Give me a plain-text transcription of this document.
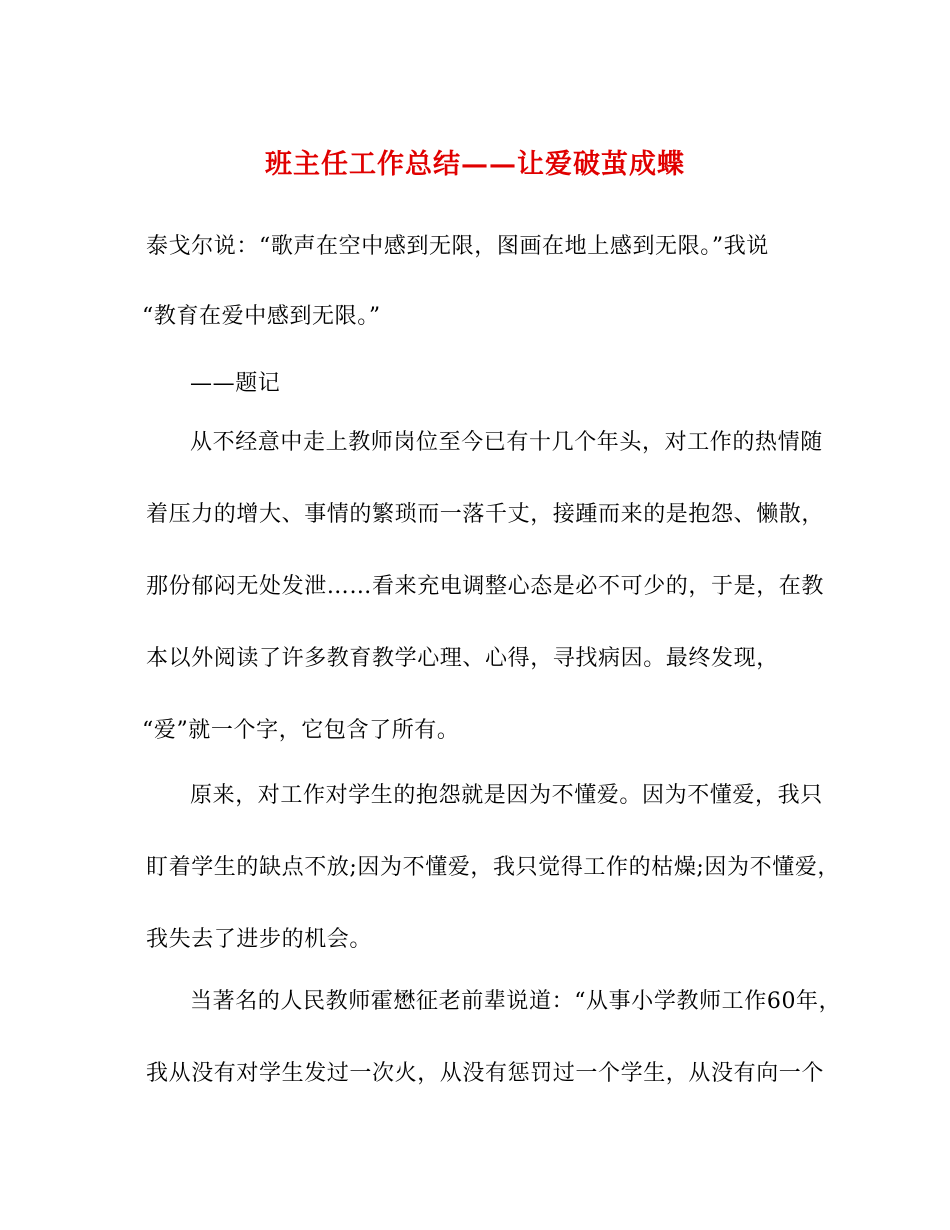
班主任工作总结——让爱破茧成蝶
泰戈尔说：“歌声在空中感到无限，图画在地上感到无限。”我说
“教育在爱中感到无限。”
——题记
从不经意中走上教师岗位至今已有十几个年头，对工作的热情随
着压力的增大、事情的繁琐而一落千丈，接踵而来的是抱怨、懒散，
那份郁闷无处发泄……看来充电调整心态是必不可少的，于是，在教
本以外阅读了许多教育教学心理、心得，寻找病因。最终发现，
“爱”就一个字，它包含了所有。
原来，对工作对学生的抱怨就是因为不懂爱。因为不懂爱，我只
盯着学生的缺点不放;因为不懂爱，我只觉得工作的枯燥;因为不懂爱，
我失去了进步的机会。
当著名的人民教师霍懋征老前辈说道：“从事小学教师工作60年，
我从没有对学生发过一次火，从没有惩罚过一个学生，从没有向一个
